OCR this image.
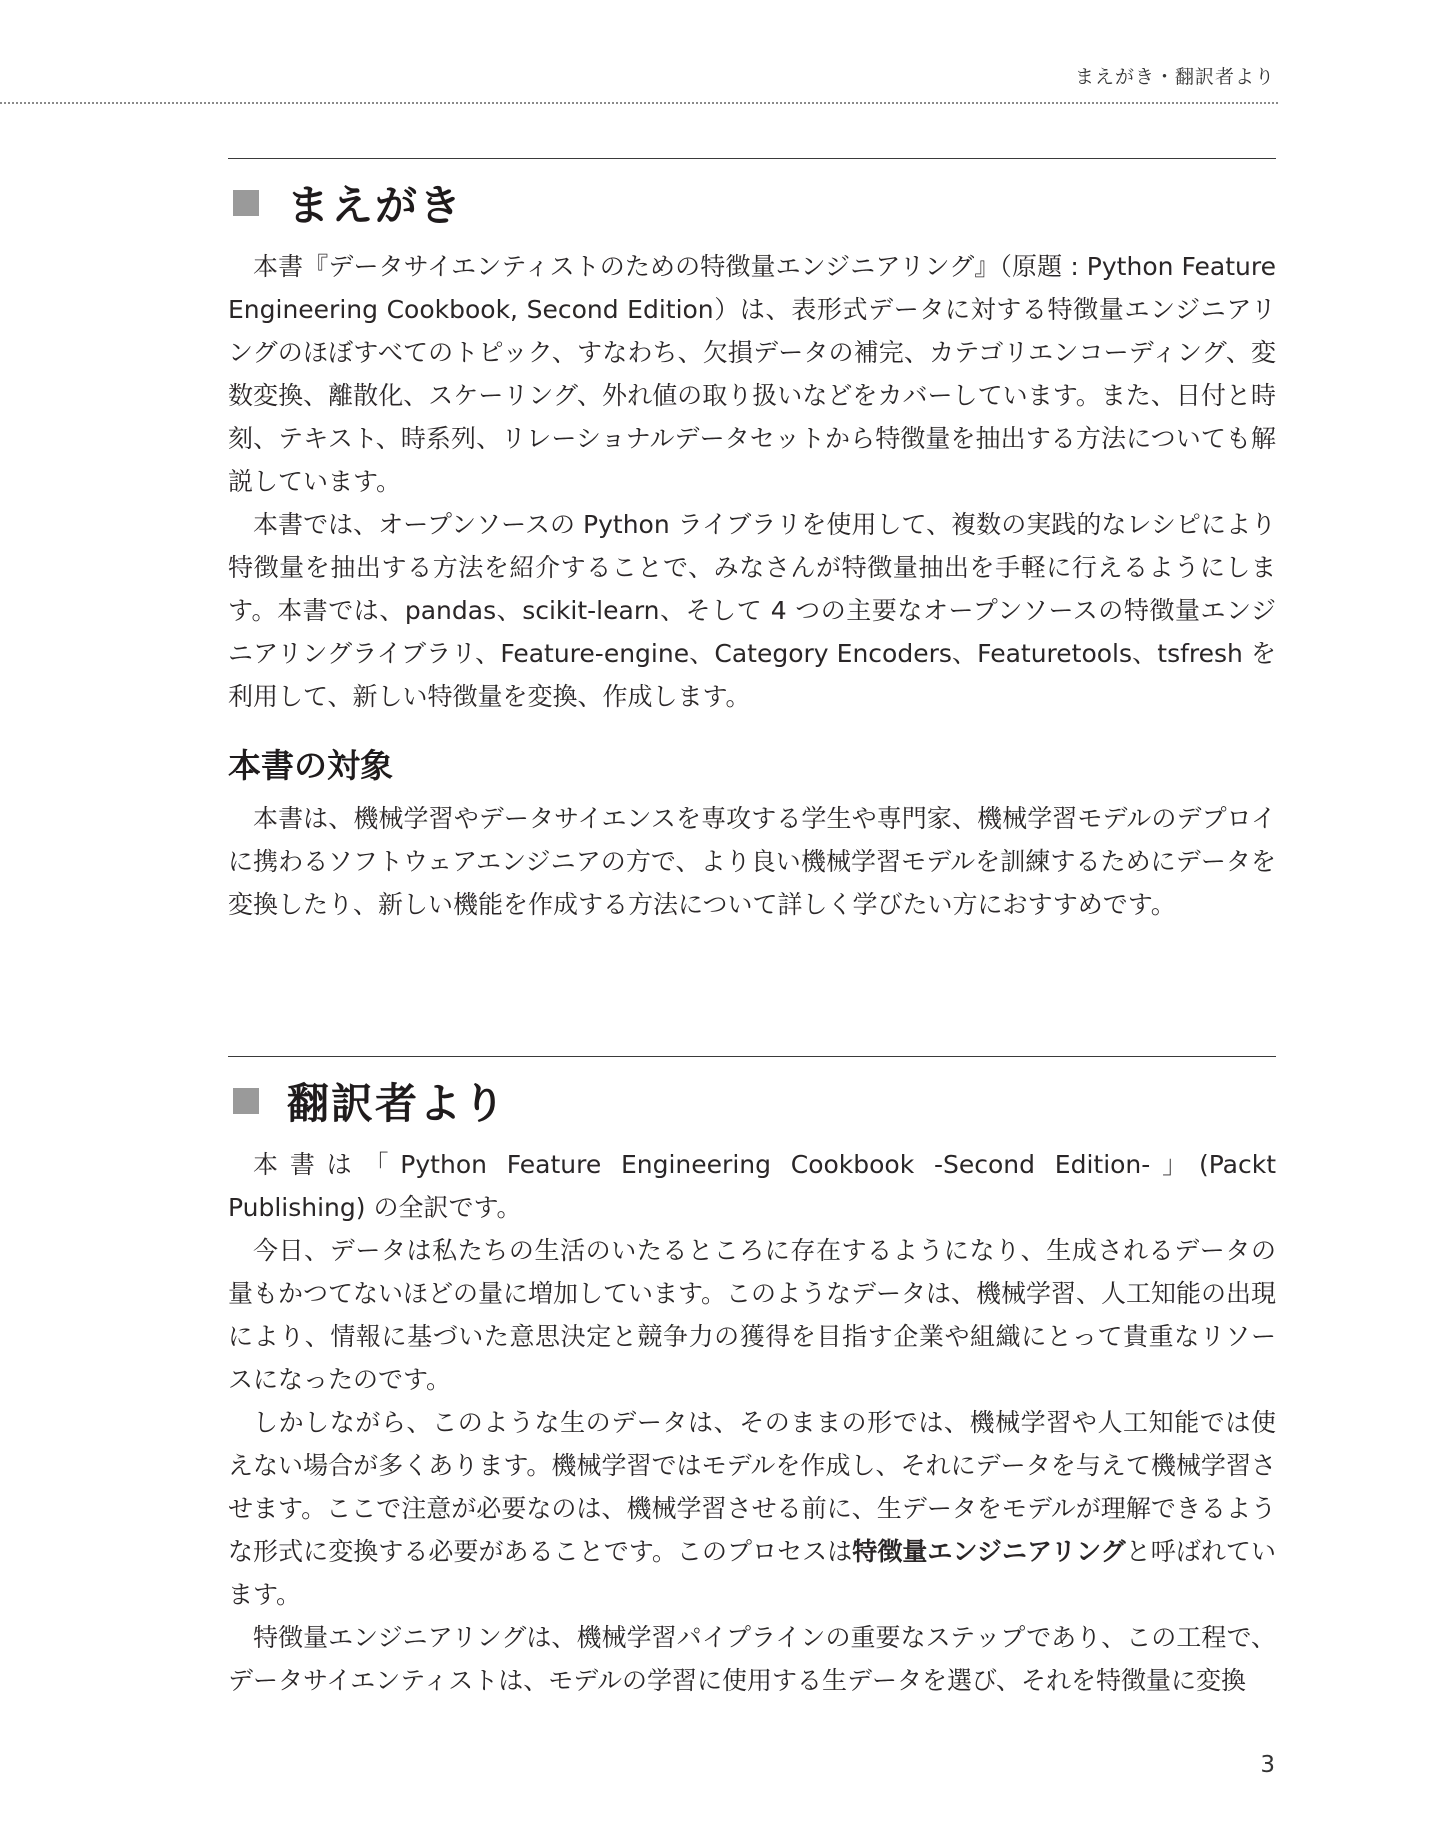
まえがき・翻訳者より
まえがき

本書『データサイエンティストのための特徴量エンジニアリング』（原題 : Python Feature Engineering Cookbook, Second Edition）は、表形式データに対する特徴量エンジニアリングのほぼすべてのトピック、すなわち、欠損データの補完、カテゴリエンコーディング、変数変換、離散化、スケーリング、外れ値の取り扱いなどをカバーしています。また、日付と時刻、テキスト、時系列、リレーショナルデータセットから特徴量を抽出する方法についても解説しています。

本書では、オープンソースの Python ライブラリを使用して、複数の実践的なレシピにより特徴量を抽出する方法を紹介することで、みなさんが特徴量抽出を手軽に行えるようにします。本書では、pandas、scikit-learn、そして 4 つの主要なオープンソースの特徴量エンジニアリングライブラリ、Feature-engine、Category Encoders、Featuretools、tsfresh を利用して、新しい特徴量を変換、作成します。

本書の対象

本書は、機械学習やデータサイエンスを専攻する学生や専門家、機械学習モデルのデプロイに携わるソフトウェアエンジニアの方で、より良い機械学習モデルを訓練するためにデータを変換したり、新しい機能を作成する方法について詳しく学びたい方におすすめです。

翻訳者より

本書は「Python Feature Engineering Cookbook -Second Edition-」(Packt Publishing) の全訳です。

今日、データは私たちの生活のいたるところに存在するようになり、生成されるデータの量もかつてないほどの量に増加しています。このようなデータは、機械学習、人工知能の出現により、情報に基づいた意思決定と競争力の獲得を目指す企業や組織にとって貴重なリソースになったのです。

しかしながら、このような生のデータは、そのままの形では、機械学習や人工知能では使えない場合が多くあります。機械学習ではモデルを作成し、それにデータを与えて機械学習させます。ここで注意が必要なのは、機械学習させる前に、生データをモデルが理解できるような形式に変換する必要があることです。このプロセスは特徴量エンジニアリングと呼ばれています。

特徴量エンジニアリングは、機械学習パイプラインの重要なステップであり、この工程で、データサイエンティストは、モデルの学習に使用する生データを選び、それを特徴量に変換

3
